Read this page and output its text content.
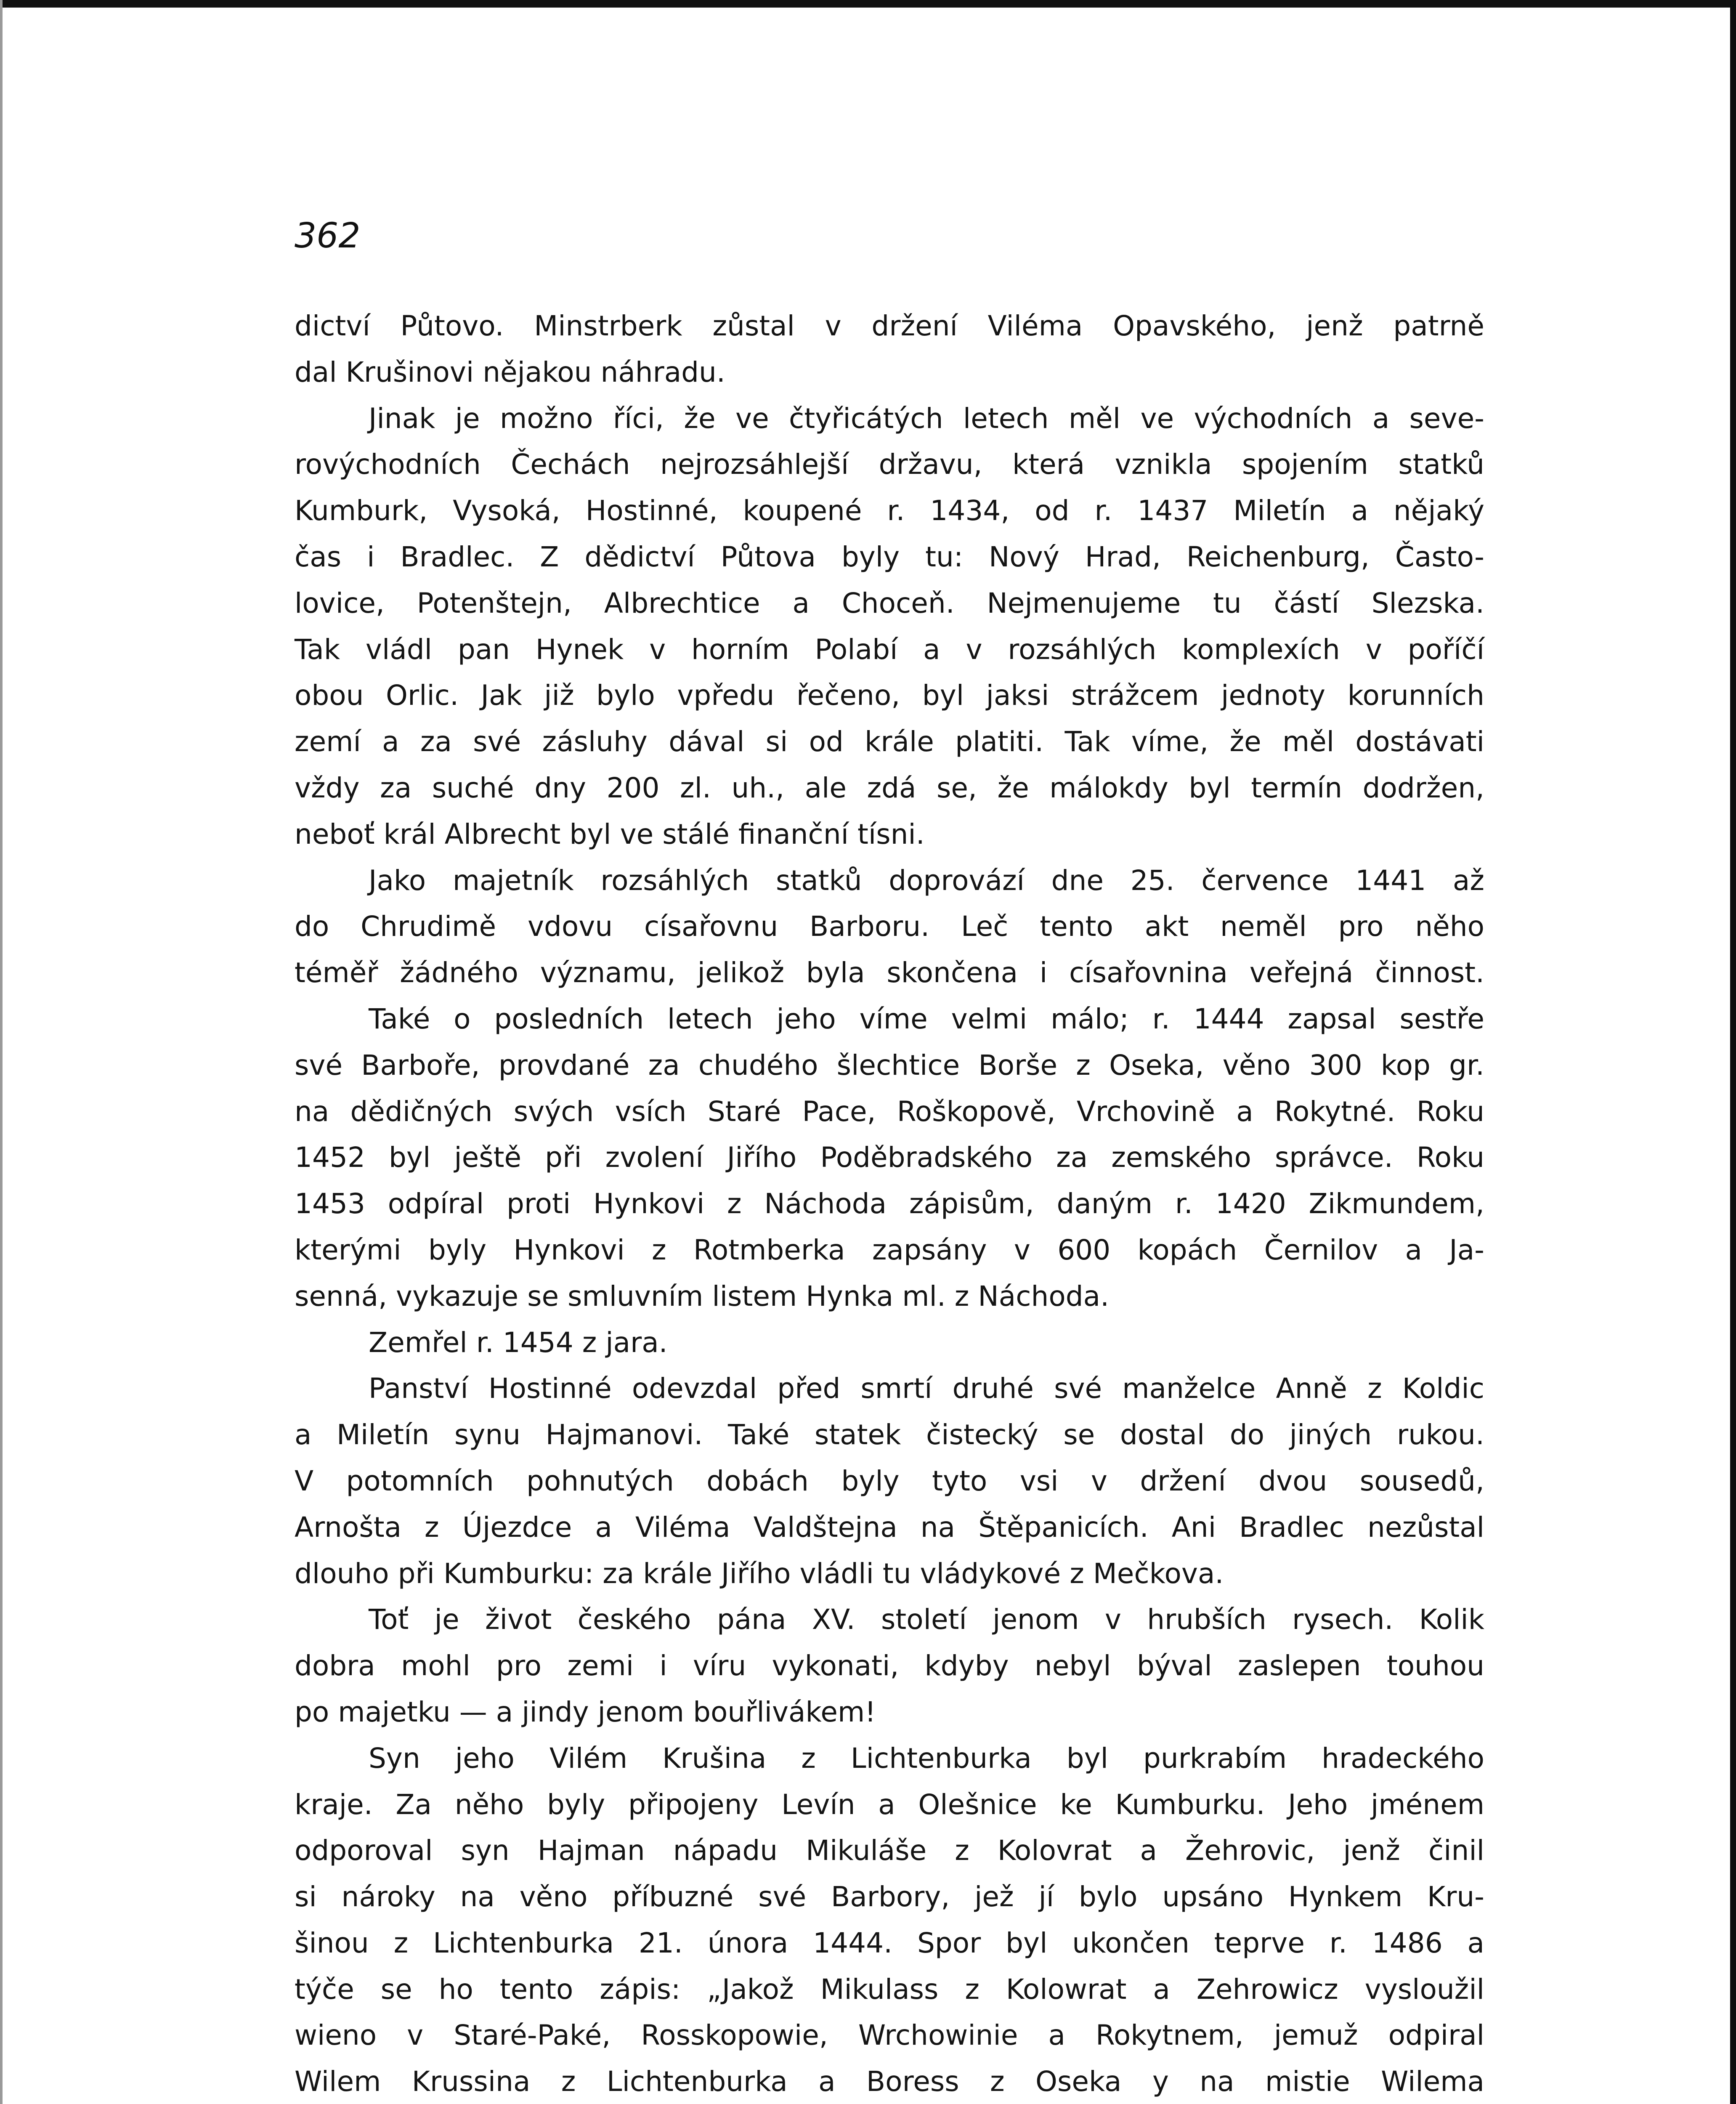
362
dictví Půtovo. Minstrberk zůstal v držení Viléma Opavského, jenž patrně
dal Krušinovi nějakou náhradu.
Jinak je možno říci, že ve čtyřicátých letech měl ve východních a seve-
rovýchodních Čechách nejrozsáhlejší državu, která vznikla spojením statků
Kumburk, Vysoká, Hostinné, koupené r. 1434, od r. 1437 Miletín a nějaký
čas i Bradlec. Z dědictví Půtova byly tu: Nový Hrad, Reichenburg, Často-
lovice, Potenštejn, Albrechtice a Choceň. Nejmenujeme tu částí Slezska.
Tak vládl pan Hynek v horním Polabí a v rozsáhlých komplexích v poříčí
obou Orlic. Jak již bylo vpředu řečeno, byl jaksi strážcem jednoty korunních
zemí a za své zásluhy dával si od krále platiti. Tak víme, že měl dostávati
vždy za suché dny 200 zl. uh., ale zdá se, že málokdy byl termín dodržen,
neboť král Albrecht byl ve stálé finanční tísni.
Jako majetník rozsáhlých statků doprovází dne 25. července 1441 až
do Chrudimě vdovu císařovnu Barboru. Leč tento akt neměl pro něho
téměř žádného významu, jelikož byla skončena i císařovnina veřejná činnost.
Také o posledních letech jeho víme velmi málo; r. 1444 zapsal sestře
své Barboře, provdané za chudého šlechtice Borše z Oseka, věno 300 kop gr.
na dědičných svých vsích Staré Pace, Roškopově, Vrchovině a Rokytné. Roku
1452 byl ještě při zvolení Jiřího Poděbradského za zemského správce. Roku
1453 odpíral proti Hynkovi z Náchoda zápisům, daným r. 1420 Zikmundem,
kterými byly Hynkovi z Rotmberka zapsány v 600 kopách Černilov a Ja-
senná, vykazuje se smluvním listem Hynka ml. z Náchoda.
Zemřel r. 1454 z jara.
Panství Hostinné odevzdal před smrtí druhé své manželce Anně z Koldic
a Miletín synu Hajmanovi. Také statek čistecký se dostal do jiných rukou.
V potomních pohnutých dobách byly tyto vsi v držení dvou sousedů,
Arnošta z Újezdce a Viléma Valdštejna na Štěpanicích. Ani Bradlec nezůstal
dlouho při Kumburku: za krále Jiřího vládli tu vládykové z Mečkova.
Toť je život českého pána XV. století jenom v hrubších rysech. Kolik
dobra mohl pro zemi i víru vykonati, kdyby nebyl býval zaslepen touhou
po majetku — a jindy jenom bouřlivákem!
Syn jeho Vilém Krušina z Lichtenburka byl purkrabím hradeckého
kraje. Za něho byly připojeny Levín a Olešnice ke Kumburku. Jeho jménem
odporoval syn Hajman nápadu Mikuláše z Kolovrat a Žehrovic, jenž činil
si nároky na věno příbuzné své Barbory, jež jí bylo upsáno Hynkem Kru-
šinou z Lichtenburka 21. února 1444. Spor byl ukončen teprve r. 1486 a
týče se ho tento zápis: „Jakož Mikulass z Kolowrat a Zehrowicz vysloužil
wieno v Staré-Paké, Rosskopowie, Wrchowinie a Rokytnem, jemuž odpiral
Wilem Krussina z Lichtenburka a Boress z Oseka y na mistie Wilema
